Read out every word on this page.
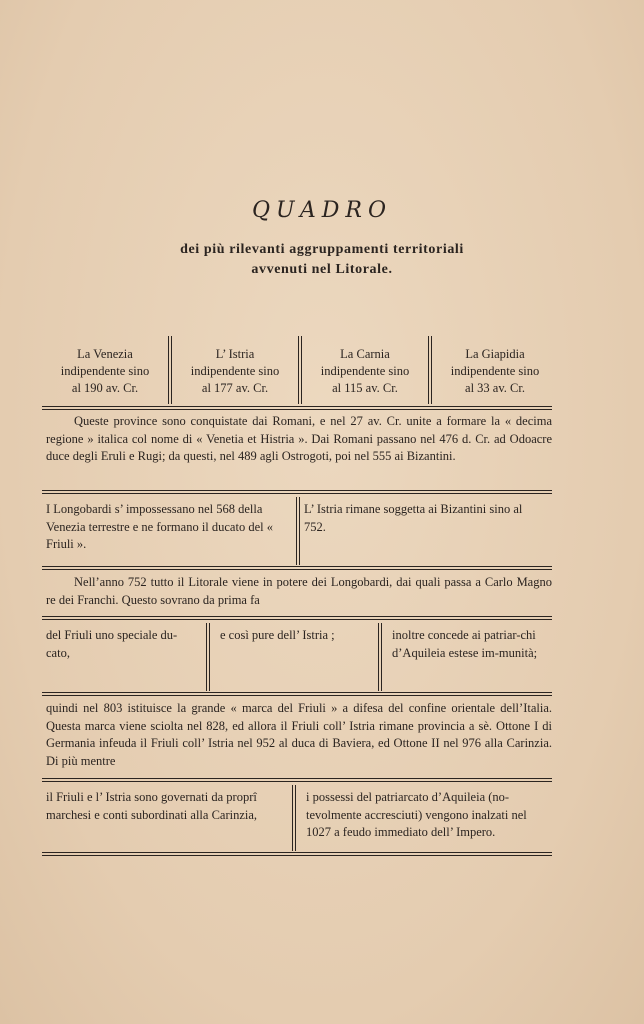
QUADRO
dei più rilevanti aggruppamenti territoriali
avvenuti nel Litorale.
La Venezia
indipendente sino
al 190 av. Cr.
L’ Istria
indipendente sino
al 177 av. Cr.
La Carnia
indipendente sino
al 115 av. Cr.
La Giapidia
indipendente sino
al 33 av. Cr.
Queste province sono conquistate dai Romani, e nel 27 av. Cr. unite a formare la « decima regione » italica col nome di « Venetia et Histria ». Dai Romani passano nel 476 d. Cr. ad Odoacre duce degli Eruli e Rugi; da questi, nel 489 agli Ostrogoti, poi nel 555 ai Bizantini.
I Longobardi s’ impossessano nel 568 della Venezia terrestre e ne formano il ducato del « Friuli ».
L’ Istria rimane soggetta ai Bizantini sino al 752.
Nell’anno 752 tutto il Litorale viene in potere dei Longobardi, dai quali passa a Carlo Magno re dei Franchi. Questo sovrano da prima fa
del Friuli uno speciale du-cato,
e così pure dell’ Istria ;	inoltre concede ai patriar-chi d’Aquileia estese im-munità;
quindi nel 803 istituisce la grande « marca del Friuli » a difesa del confine orientale dell’Italia. Questa marca viene sciolta nel 828, ed allora il Friuli coll’ Istria rimane provincia a sè. Ottone I di Germania infeuda il Friuli coll’ Istria nel 952 al duca di Baviera, ed Ottone II nel 976 alla Carinzia. Di più mentre
il Friuli e l’ Istria sono governati da proprî marchesi e conti subordinati alla Carinzia,
i possessi del patriarcato d’Aquileia (no-tevolmente accresciuti) vengono inalzati nel 1027 a feudo immediato dell’ Impero.
